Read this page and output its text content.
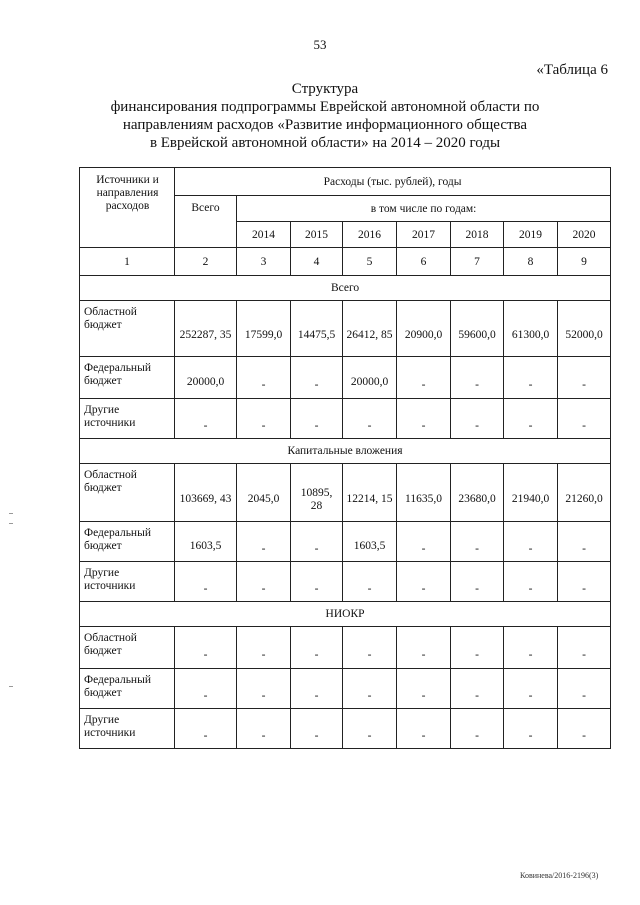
53
«Таблица 6
Структура
финансирования подпрограммы Еврейской автономной области по
направлениям расходов «Развитие информационного общества
в Еврейской автономной области» на 2014 – 2020 годы
Источники и направления расходов	Расходы (тыс. рублей), годы							
	Всего	в том числе по годам:						
		2014	2015	2016	2017	2018	2019	2020
1	2	3	4	5	6	7	8	9
Всего								
Областной бюджет	252287, 35	17599,0	14475,5	26412, 85	20900,0	59600,0	61300,0	52000,0
Федеральный бюджет	20000,0	-	-	20000,0	-	-	-	-
Другие источники	-	-	-	-	-	-	-	-
Капитальные вложения								
Областной бюджет	103669, 43	2045,0	10895, 28	12214, 15	11635,0	23680,0	21940,0	21260,0
Федеральный бюджет	1603,5	-	-	1603,5	-	-	-	-
Другие источники	-	-	-	-	-	-	-	-
НИОКР								
Областной бюджет	-	-	-	-	-	-	-	-
Федеральный бюджет	-	-	-	-	-	-	-	-
Другие источники	-	-	-	-	-	-	-	-
Ковинева/2016-2196(3)
